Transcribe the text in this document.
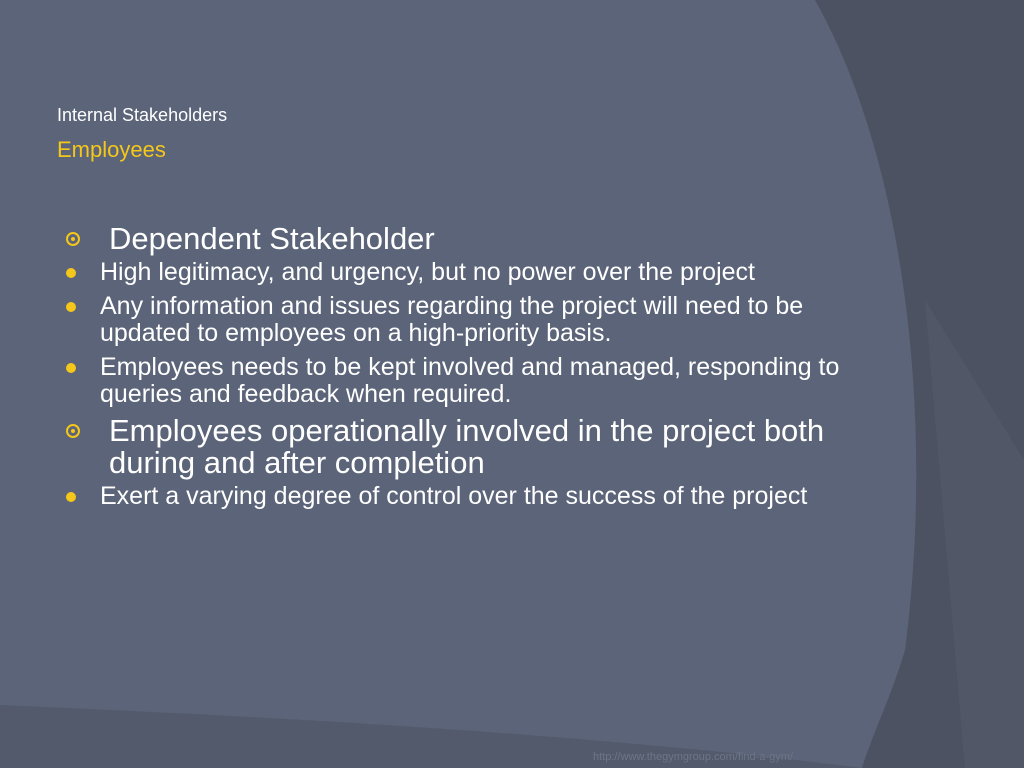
Internal Stakeholders
Employees
Dependent Stakeholder
High legitimacy, and urgency, but no power over the project
Any information and issues regarding the project will need to be updated to employees on a high-priority basis.
Employees needs to be kept involved and managed, responding to queries and feedback when required.
Employees operationally involved in the project both during and after completion
Exert a varying degree of control over the success of the project
http://www.thegymgroup.com/find-a-gym/
